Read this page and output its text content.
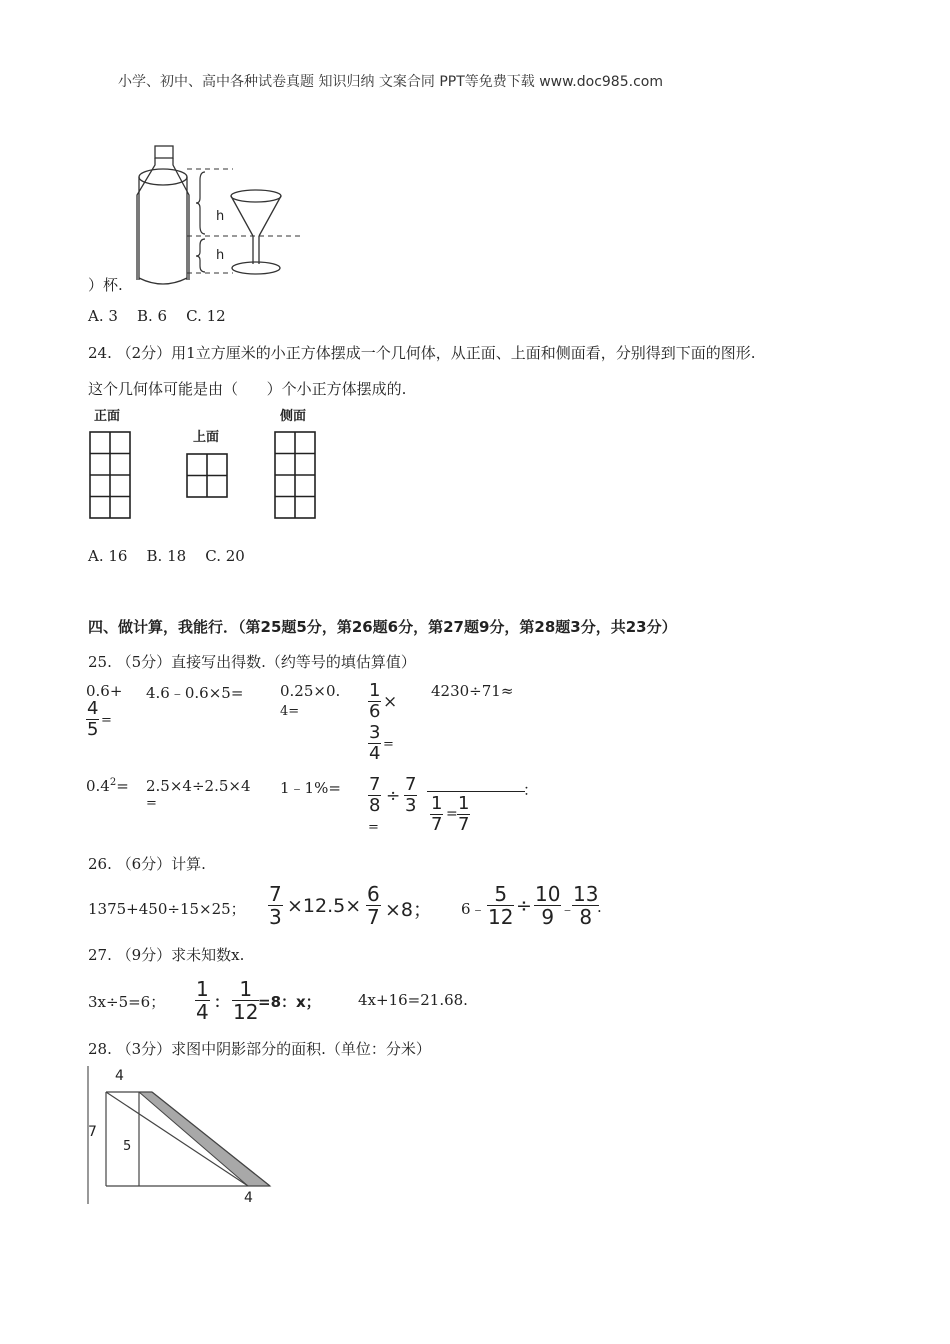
小学、初中、高中各种试卷真题 知识归纳 文案合同 PPT等免费下载 www.doc985.com
h
h
）杯.
A. 3    B. 6    C. 12
24. （2分）用1立方厘米的小正方体摆成一个几何体，从正面、上面和侧面看，分别得到下面的图形.
这个几何体可能是由（      ）个小正方体摆成的.
正面
上面
侧面
A. 16    B. 18    C. 20
四、做计算，我能行．（第25题5分，第26题6分，第27题9分，第28题3分，共23分）
25. （5分）直接写出得数.（约等号的填估算值）
0.6+
4
5 =
4.6﹣0.6×5= 0.25×0.
4=
1
6 ×
3
4 =
4230÷71≈
$0.4^2= 2.5\times 4\div 2.5\times 4$
=
1﹣1%= 7
8 ÷
7
3
=
：
1
7 = 1
7
26. （6分）计算.
1375+450÷15×25；
7
3 ×12.5× 6
7 ×8； 6﹣
5
12 ÷ 10
9 ﹣
13
8 .
27. （9分）求未知数x.
3x÷5=6；
1
4 ：
1
12 =8：x； 4x+16=21.68.
28. （3分）求图中阴影部分的面积.（单位：分米）
4
7
5
4
